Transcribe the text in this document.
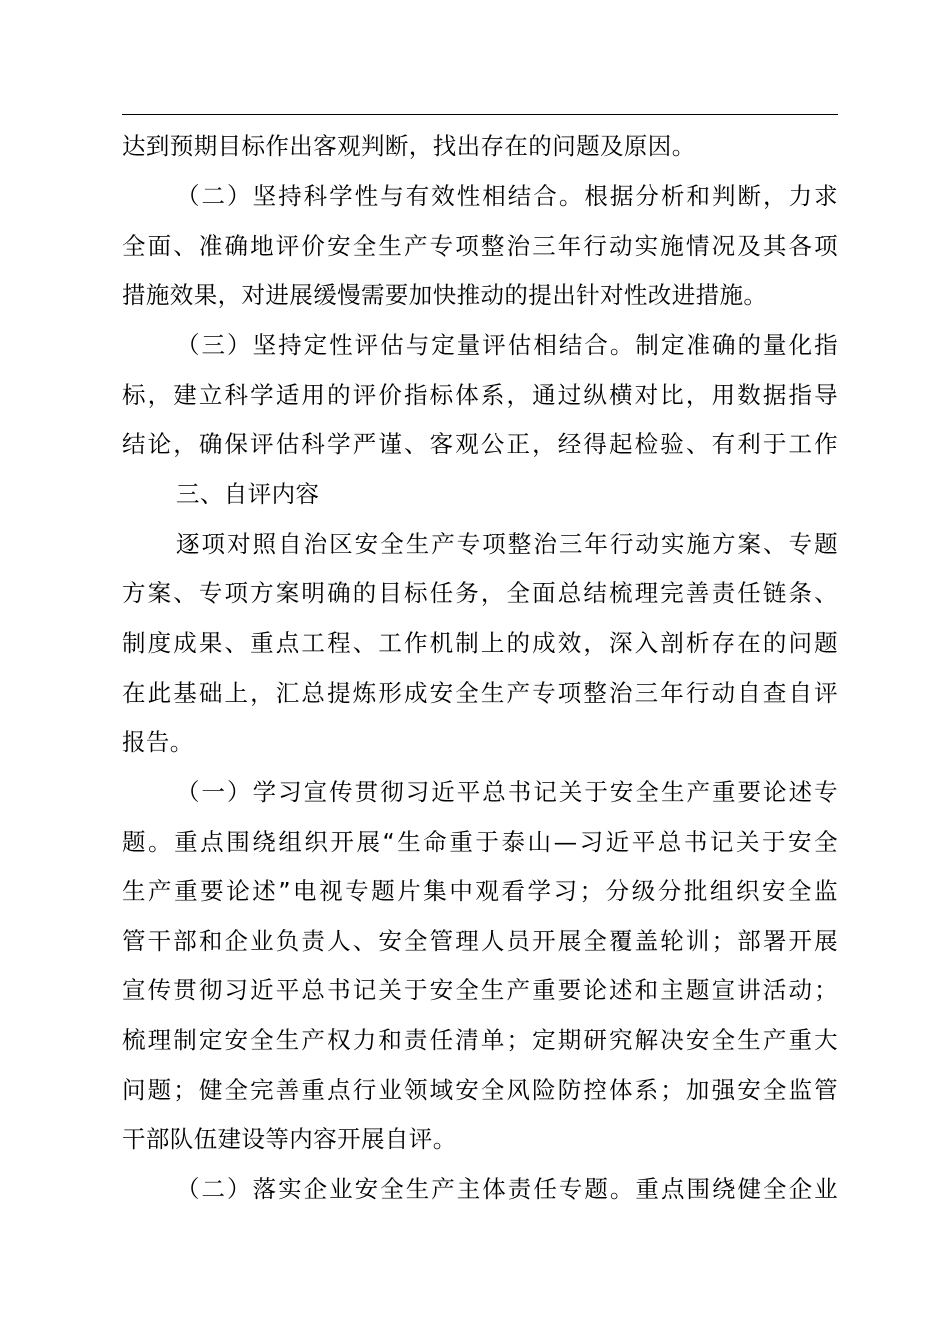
达到预期目标作出客观判断，找出存在的问题及原因。
（二）坚持科学性与有效性相结合。根据分析和判断，力求
全面、准确地评价安全生产专项整治三年行动实施情况及其各项
措施效果，对进展缓慢需要加快推动的提出针对性改进措施。
（三）坚持定性评估与定量评估相结合。制定准确的量化指
标，建立科学适用的评价指标体系，通过纵横对比，用数据指导
结论，确保评估科学严谨、客观公正，经得起检验、有利于工作
三、自评内容
逐项对照自治区安全生产专项整治三年行动实施方案、专题
方案、专项方案明确的目标任务，全面总结梳理完善责任链条、
制度成果、重点工程、工作机制上的成效，深入剖析存在的问题
在此基础上，汇总提炼形成安全生产专项整治三年行动自查自评
报告。
（一）学习宣传贯彻习近平总书记关于安全生产重要论述专
题。重点围绕组织开展“生命重于泰山—习近平总书记关于安全
生产重要论述”电视专题片集中观看学习；分级分批组织安全监
管干部和企业负责人、安全管理人员开展全覆盖轮训；部署开展
宣传贯彻习近平总书记关于安全生产重要论述和主题宣讲活动；
梳理制定安全生产权力和责任清单；定期研究解决安全生产重大
问题；健全完善重点行业领域安全风险防控体系；加强安全监管
干部队伍建设等内容开展自评。
（二）落实企业安全生产主体责任专题。重点围绕健全企业
